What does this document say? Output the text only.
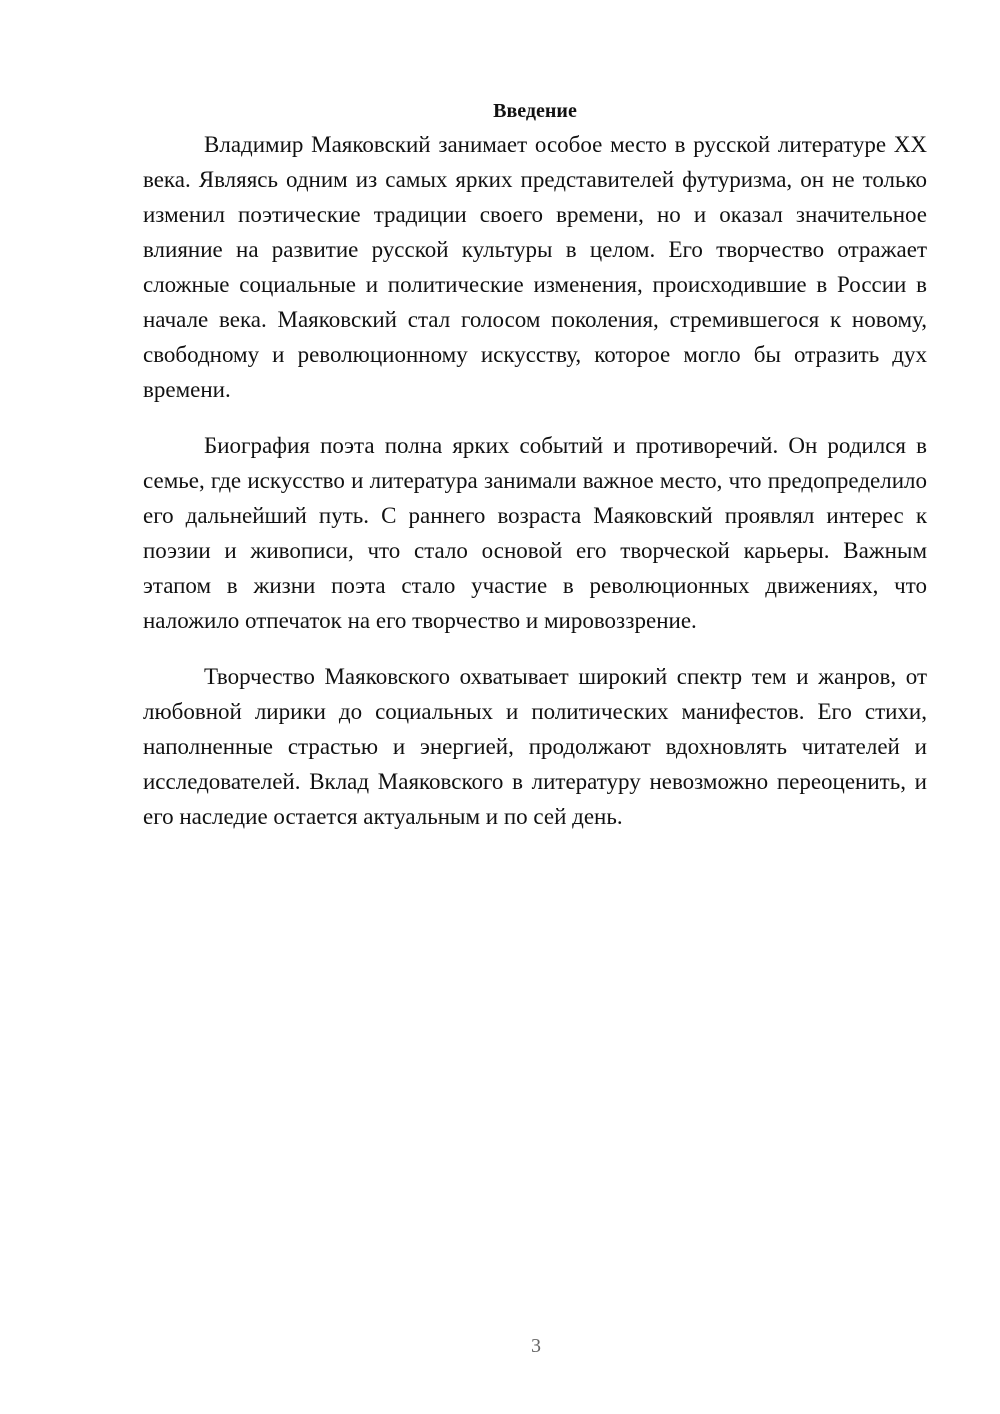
Введение

Владимир Маяковский занимает особое место в русской литературе XX века. Являясь одним из самых ярких представителей футуризма, он не только изменил поэтические традиции своего времени, но и оказал значительное влияние на развитие русской культуры в целом. Его творчество отражает сложные социальные и политические изменения, происходившие в России в начале века. Маяковский стал голосом поколения, стремившегося к новому, свободному и революционному искусству, которое могло бы отразить дух времени.

Биография поэта полна ярких событий и противоречий. Он родился в семье, где искусство и литература занимали важное место, что предопределило его дальнейший путь. С раннего возраста Маяковский проявлял интерес к поэзии и живописи, что стало основой его творческой карьеры. Важным этапом в жизни поэта стало участие в революционных движениях, что наложило отпечаток на его творчество и мировоззрение.

Творчество Маяковского охватывает широкий спектр тем и жанров, от любовной лирики до социальных и политических манифестов. Его стихи, наполненные страстью и энергией, продолжают вдохновлять читателей и исследователей. Вклад Маяковского в литературу невозможно переоценить, и его наследие остается актуальным и по сей день.

3
